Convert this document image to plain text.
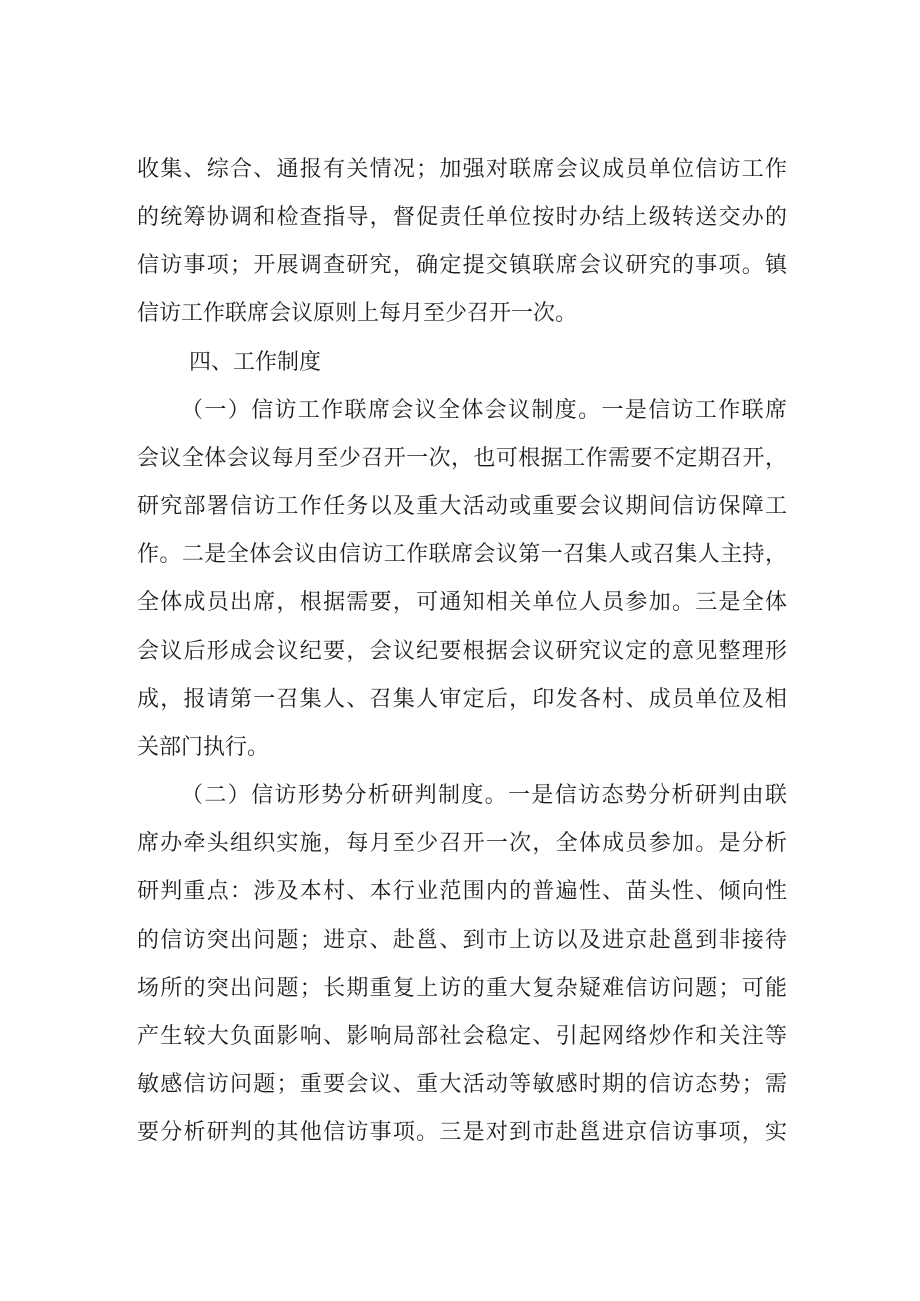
收集、综合、通报有关情况；加强对联席会议成员单位信访工作
的统筹协调和检查指导，督促责任单位按时办结上级转送交办的
信访事项；开展调查研究，确定提交镇联席会议研究的事项。镇
信访工作联席会议原则上每月至少召开一次。
四、工作制度
（一）信访工作联席会议全体会议制度。一是信访工作联席
会议全体会议每月至少召开一次，也可根据工作需要不定期召开，
研究部署信访工作任务以及重大活动或重要会议期间信访保障工
作。二是全体会议由信访工作联席会议第一召集人或召集人主持，
全体成员出席，根据需要，可通知相关单位人员参加。三是全体
会议后形成会议纪要，会议纪要根据会议研究议定的意见整理形
成，报请第一召集人、召集人审定后，印发各村、成员单位及相
关部门执行。
（二）信访形势分析研判制度。一是信访态势分析研判由联
席办牵头组织实施，每月至少召开一次，全体成员参加。是分析
研判重点：涉及本村、本行业范围内的普遍性、苗头性、倾向性
的信访突出问题；进京、赴邕、到市上访以及进京赴邕到非接待
场所的突出问题；长期重复上访的重大复杂疑难信访问题；可能
产生较大负面影响、影响局部社会稳定、引起网络炒作和关注等
敏感信访问题；重要会议、重大活动等敏感时期的信访态势；需
要分析研判的其他信访事项。三是对到市赴邕进京信访事项，实
